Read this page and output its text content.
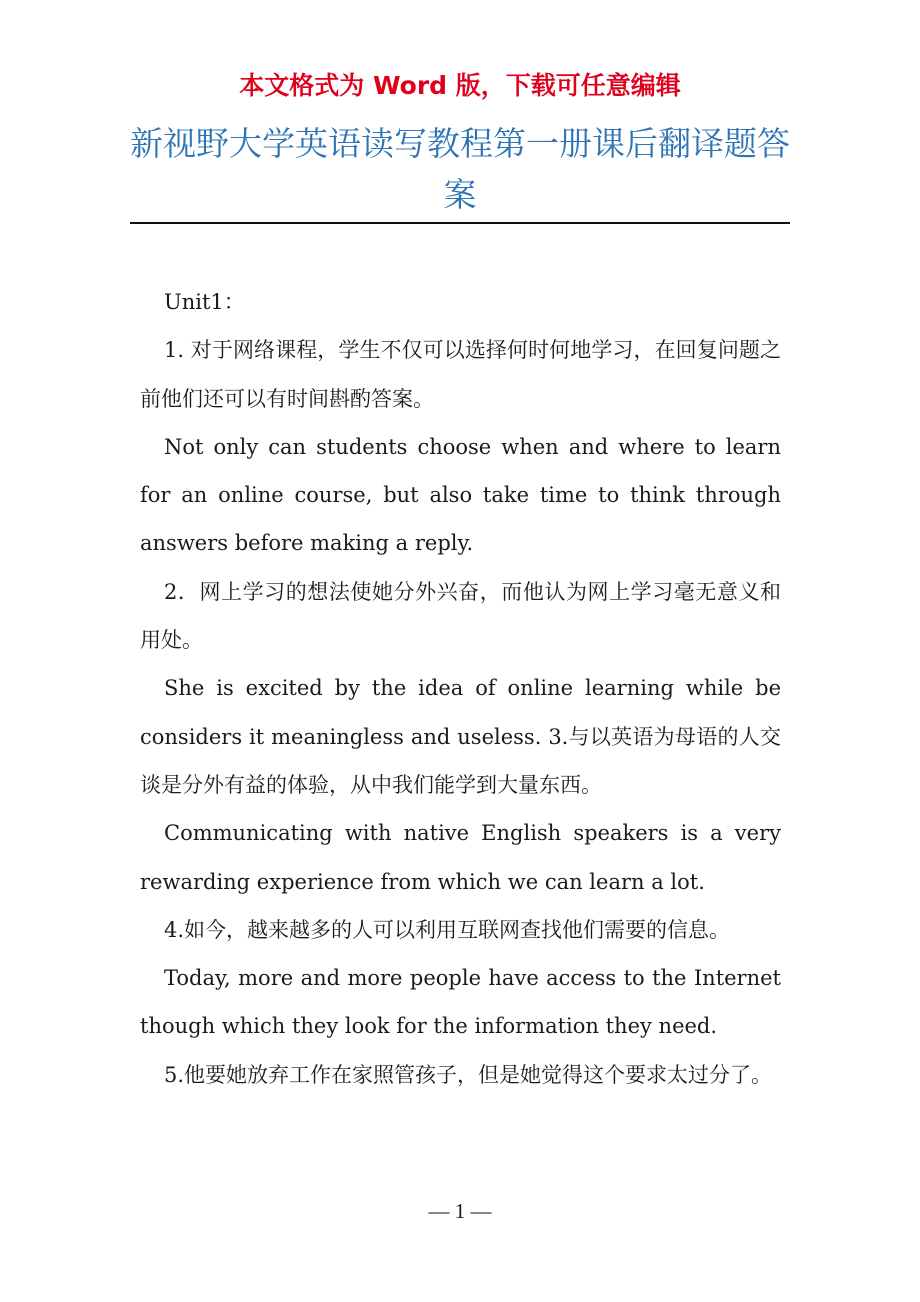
本文格式为 Word 版，下载可任意编辑
新视野大学英语读写教程第一册课后翻译题答案

Unit1：

1. 对于网络课程，学生不仅可以选择何时何地学习，在回复问题之前他们还可以有时间斟酌答案。

Not only can students choose when and where to learn for an online course, but also take time to think through answers before making a reply.

2．网上学习的想法使她分外兴奋，而他认为网上学习毫无意义和用处。

She is excited by the idea of online learning while be considers it meaningless and useless. 3.与以英语为母语的人交谈是分外有益的体验，从中我们能学到大量东西。

Communicating with native English speakers is a very rewarding experience from which we can learn a lot.

4.如今，越来越多的人可以利用互联网查找他们需要的信息。

Today, more and more people have access to the Internet though which they look for the information they need.

5.他要她放弃工作在家照管孩子，但是她觉得这个要求太过分了。

— 1 —
